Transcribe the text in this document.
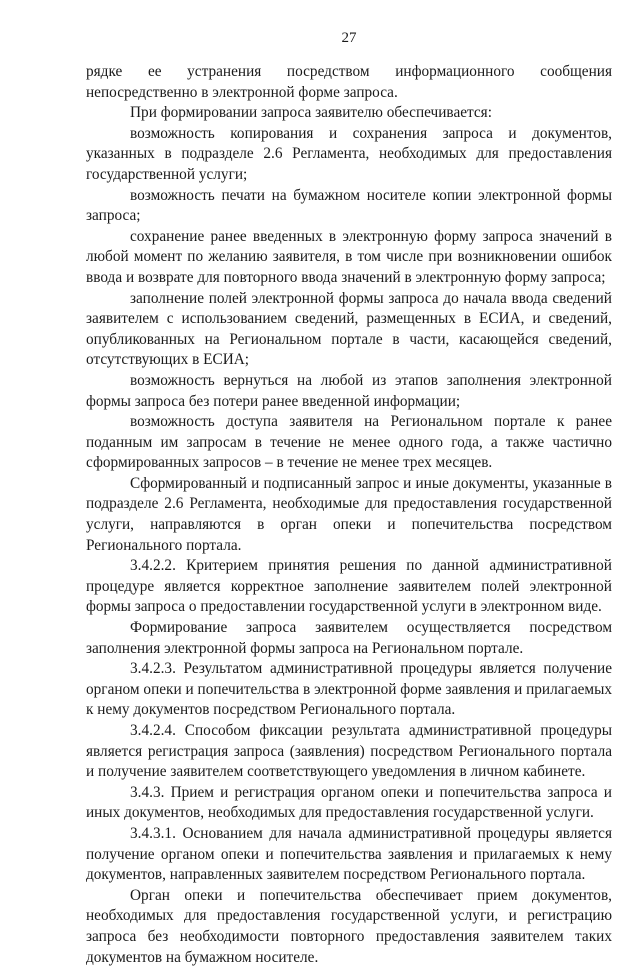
27

рядке ее устранения посредством информационного сообщения непосредственно в электронной форме запроса.

При формировании запроса заявителю обеспечивается:

возможность копирования и сохранения запроса и документов, указанных в подразделе 2.6 Регламента, необходимых для предоставления государственной услуги;

возможность печати на бумажном носителе копии электронной формы запроса;

сохранение ранее введенных в электронную форму запроса значений в любой момент по желанию заявителя, в том числе при возникновении ошибок ввода и возврате для повторного ввода значений в электронную форму запроса;

заполнение полей электронной формы запроса до начала ввода сведений заявителем с использованием сведений, размещенных в ЕСИА, и сведений, опубликованных на Региональном портале в части, касающейся сведений, отсутствующих в ЕСИА;

возможность вернуться на любой из этапов заполнения электронной формы запроса без потери ранее введенной информации;

возможность доступа заявителя на Региональном портале к ранее поданным им запросам в течение не менее одного года, а также частично сформированных запросов – в течение не менее трех месяцев.

Сформированный и подписанный запрос и иные документы, указанные в подразделе 2.6 Регламента, необходимые для предоставления государственной услуги, направляются в орган опеки и попечительства посредством Регионального портала.

3.4.2.2. Критерием принятия решения по данной административной процедуре является корректное заполнение заявителем полей электронной формы запроса о предоставлении государственной услуги в электронном виде.

Формирование запроса заявителем осуществляется посредством заполнения электронной формы запроса на Региональном портале.

3.4.2.3. Результатом административной процедуры является получение органом опеки и попечительства в электронной форме заявления и прилагаемых к нему документов посредством Регионального портала.

3.4.2.4. Способом фиксации результата административной процедуры является регистрация запроса (заявления) посредством Регионального портала и получение заявителем соответствующего уведомления в личном кабинете.

3.4.3. Прием и регистрация органом опеки и попечительства запроса и иных документов, необходимых для предоставления государственной услуги.

3.4.3.1. Основанием для начала административной процедуры является получение органом опеки и попечительства заявления и прилагаемых к нему документов, направленных заявителем посредством Регионального портала.

Орган опеки и попечительства обеспечивает прием документов, необходимых для предоставления государственной услуги, и регистрацию запроса без необходимости повторного предоставления заявителем таких документов на бумажном носителе.
